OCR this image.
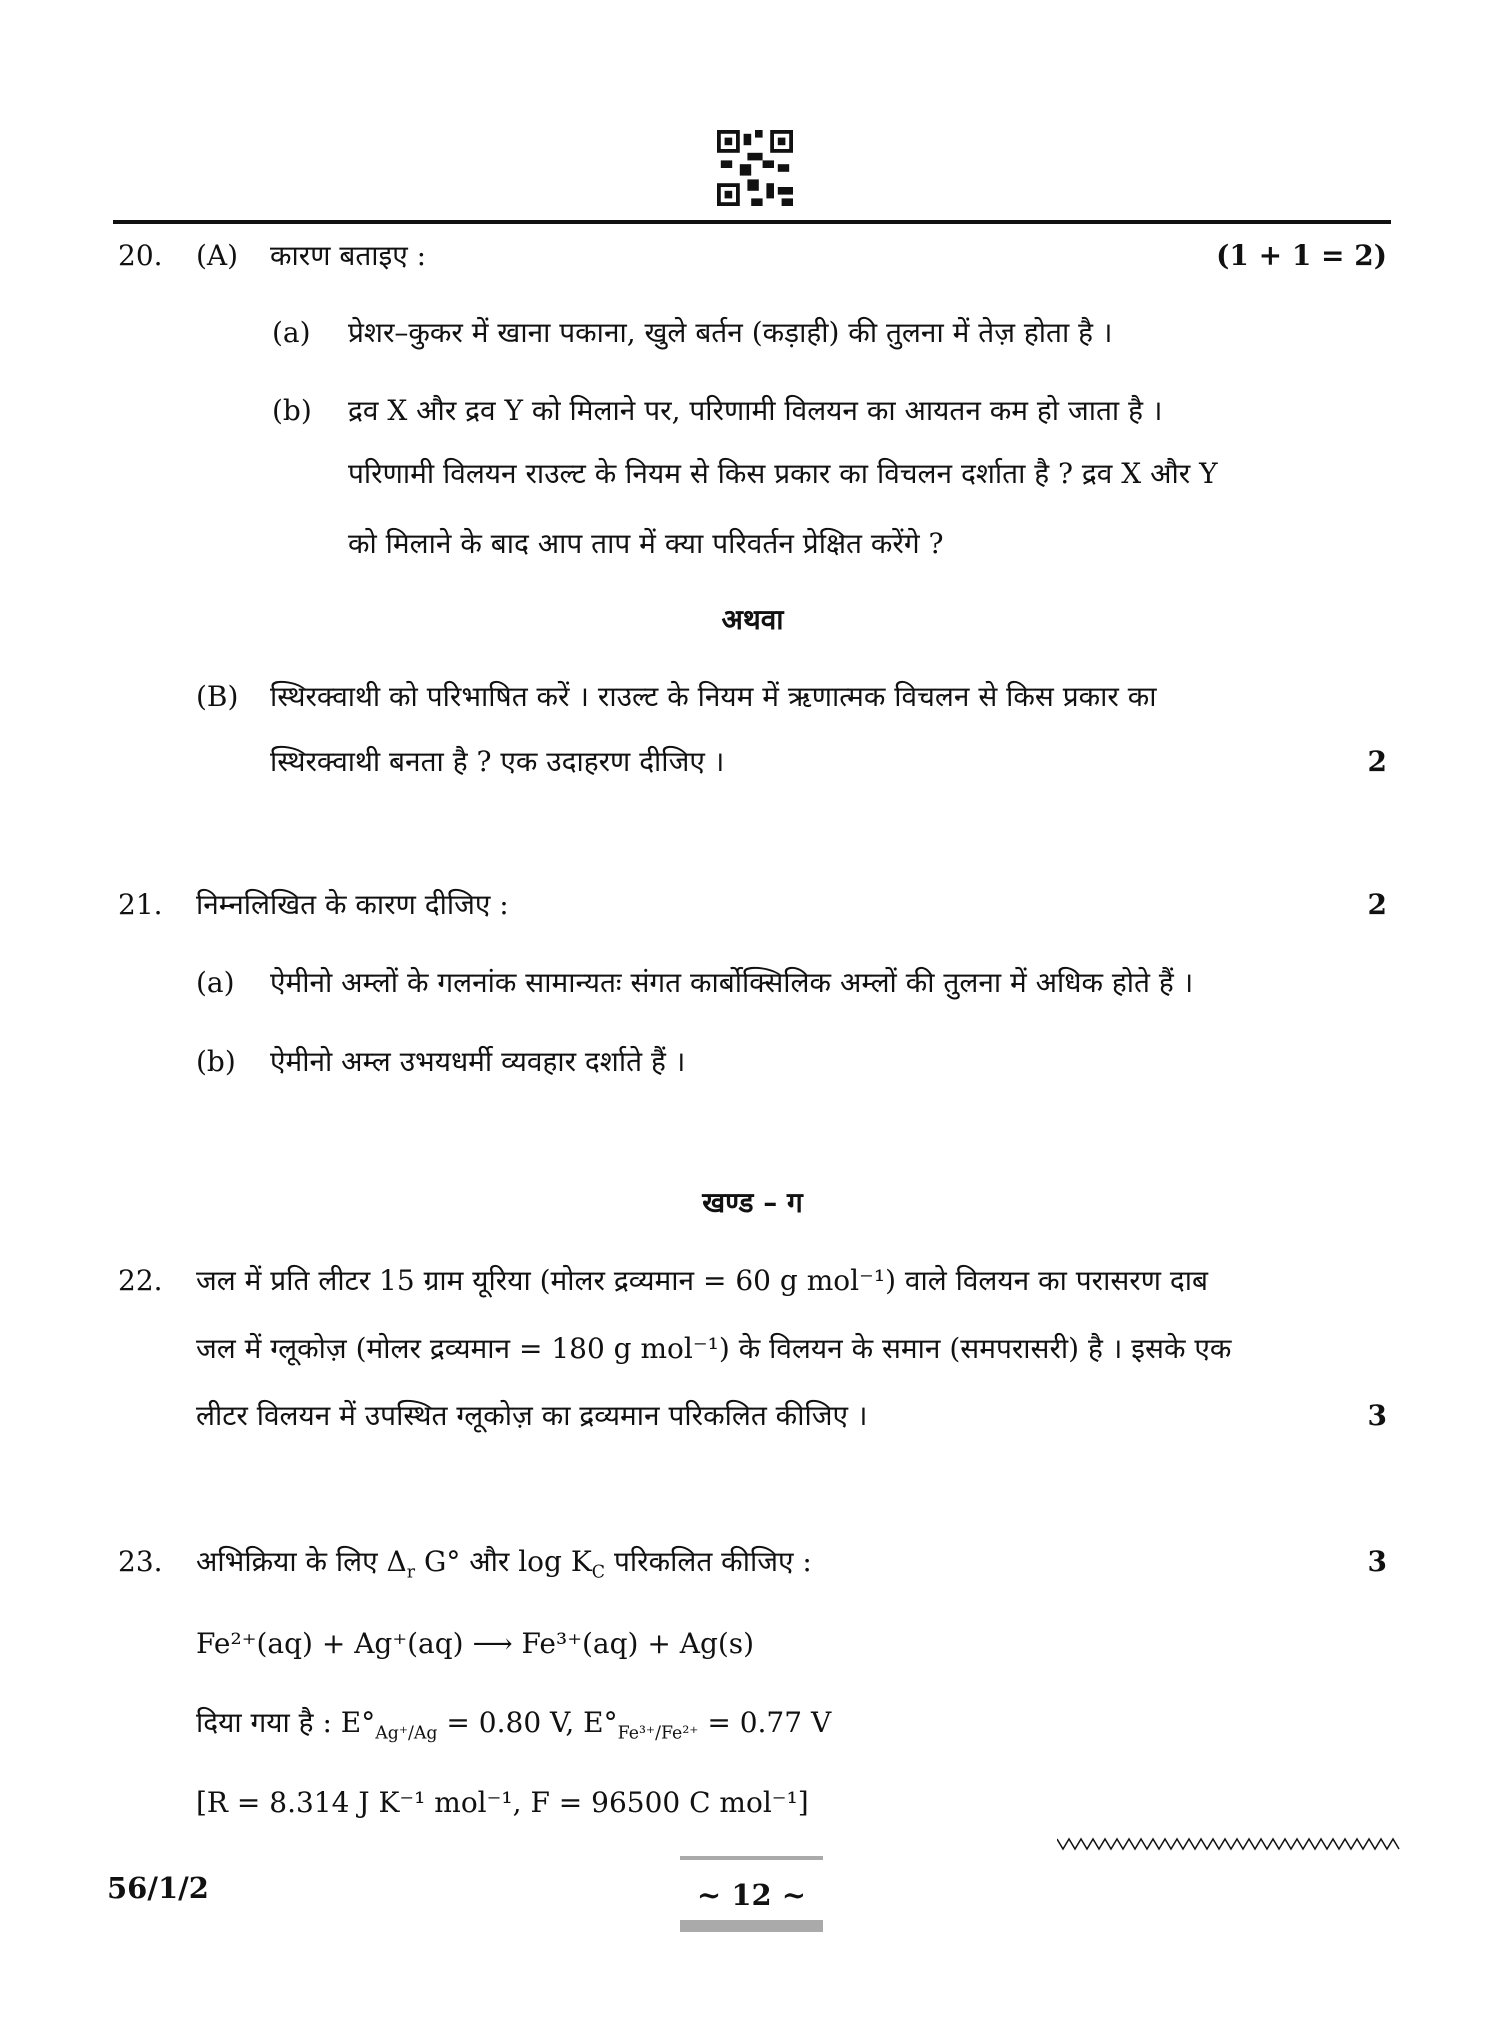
20. (A) कारण बताइए :	(1 + 1 = 2)
(a) प्रेशर–कुकर में खाना पकाना, खुले बर्तन (कड़ाही) की तुलना में तेज़ होता है ।
(b) द्रव X और द्रव Y को मिलाने पर, परिणामी विलयन का आयतन कम हो जाता है ।
परिणामी विलयन राउल्ट के नियम से किस प्रकार का विचलन दर्शाता है ? द्रव X और Y
को मिलाने के बाद आप ताप में क्या परिवर्तन प्रेक्षित करेंगे ?
अथवा
(B) स्थिरक्वाथी को परिभाषित करें । राउल्ट के नियम में ऋणात्मक विचलन से किस प्रकार का
स्थिरक्वाथी बनता है ? एक उदाहरण दीजिए ।	2
21. निम्नलिखित के कारण दीजिए :	2
(a) ऐमीनो अम्लों के गलनांक सामान्यतः संगत कार्बोक्सिलिक अम्लों की तुलना में अधिक होते हैं ।
(b) ऐमीनो अम्ल उभयधर्मी व्यवहार दर्शाते हैं ।
खण्ड – ग
22. जल में प्रति लीटर 15 ग्राम यूरिया (मोलर द्रव्यमान = 60 g mol⁻¹) वाले विलयन का परासरण दाब
जल में ग्लूकोज़ (मोलर द्रव्यमान = 180 g mol⁻¹) के विलयन के समान (समपरासरी) है । इसके एक
लीटर विलयन में उपस्थित ग्लूकोज़ का द्रव्यमान परिकलित कीजिए ।	3
23. अभिक्रिया के लिए $\Delta_r$ G° और $\log K_C$ परिकलित कीजिए :	3
Fe²⁺(aq) + Ag⁺(aq) ⟶ Fe³⁺(aq) + Ag(s)
दिया गया है : $E^\circ_{Ag^+/Ag} = 0.80$ V, $E^\circ_{Fe^{3+}/Fe^{2+}} = 0.77$ V
[R = 8.314 J K⁻¹ mol⁻¹, F = 96500 C mol⁻¹]
56/1/2	~ 12 ~
